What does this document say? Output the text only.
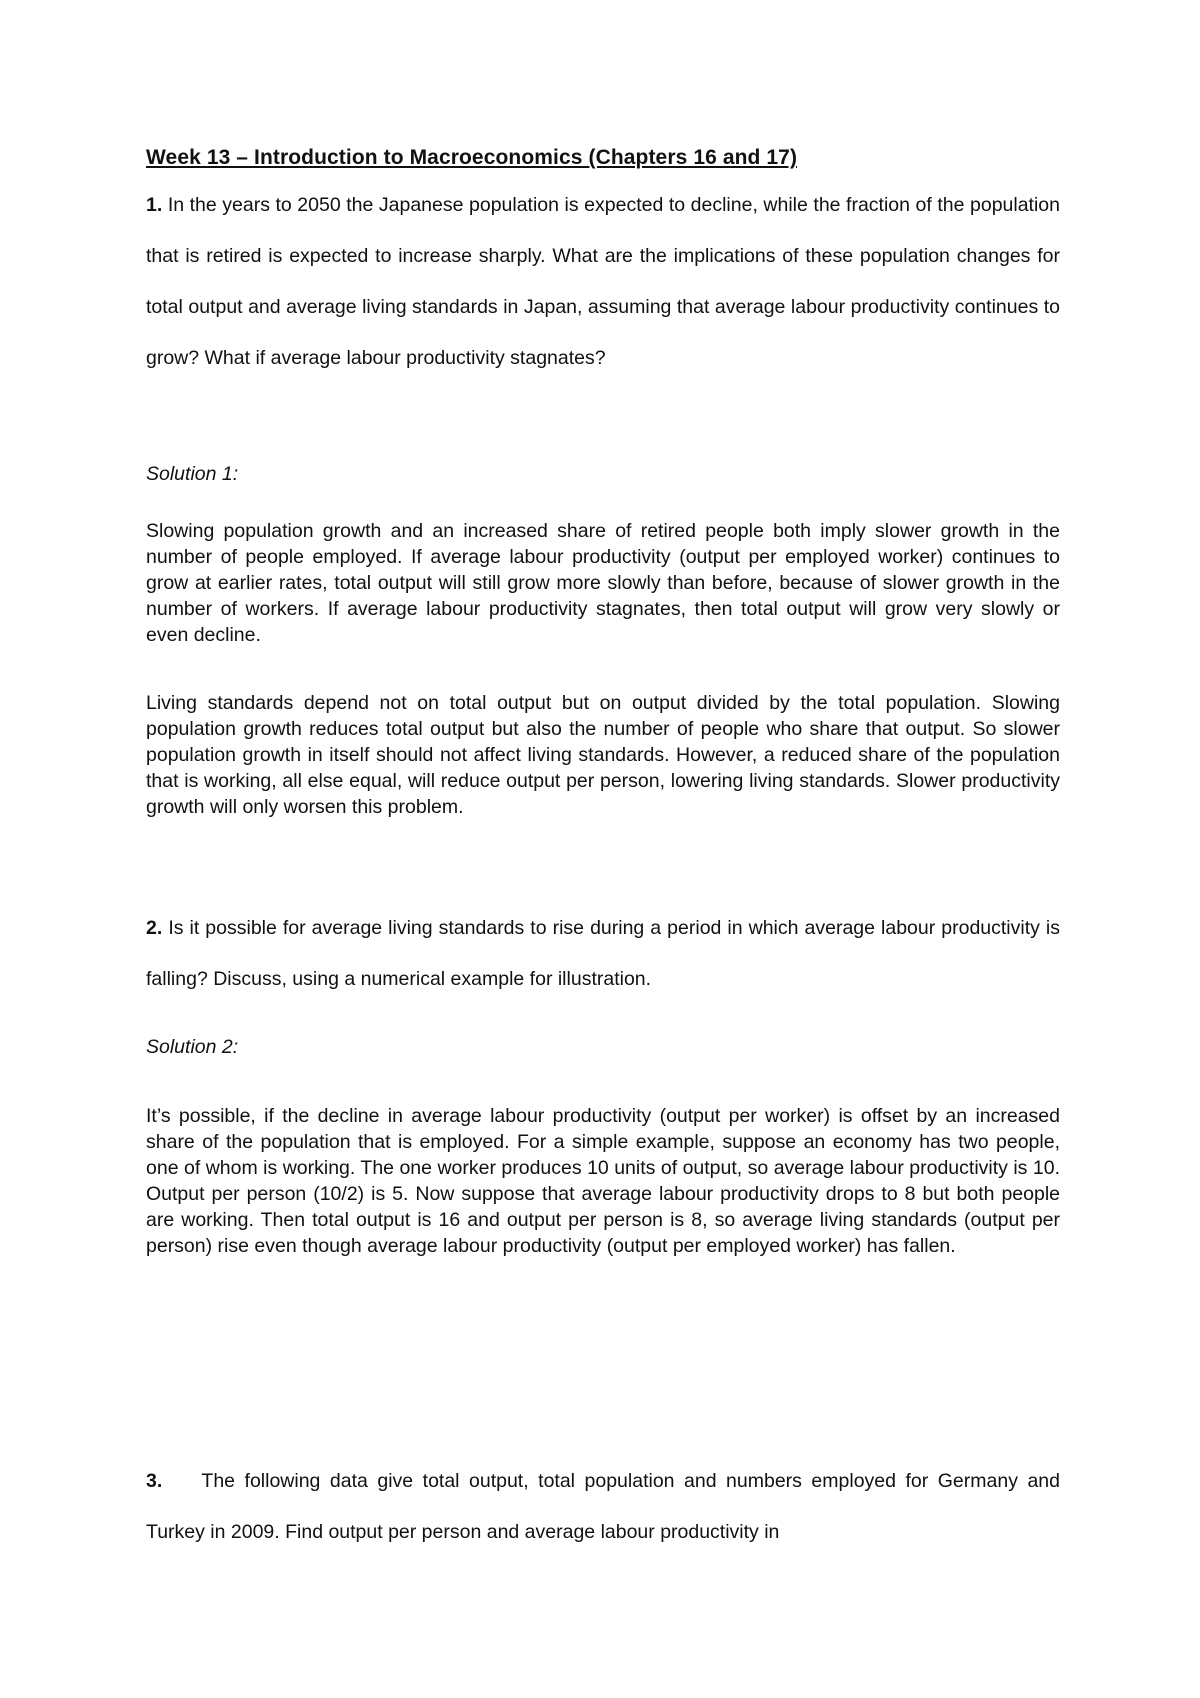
Week 13 – Introduction to Macroeconomics (Chapters 16 and 17)
1. In the years to 2050 the Japanese population is expected to decline, while the fraction of the population that is retired is expected to increase sharply. What are the implications of these population changes for total output and average living standards in Japan, assuming that average labour productivity continues to grow? What if average labour productivity stagnates?
Solution 1:
Slowing population growth and an increased share of retired people both imply slower growth in the number of people employed. If average labour productivity (output per employed worker) continues to grow at earlier rates, total output will still grow more slowly than before, because of slower growth in the number of workers. If average labour productivity stagnates, then total output will grow very slowly or even decline.
Living standards depend not on total output but on output divided by the total population. Slowing population growth reduces total output but also the number of people who share that output. So slower population growth in itself should not affect living standards. However, a reduced share of the population that is working, all else equal, will reduce output per person, lowering living standards. Slower productivity growth will only worsen this problem.
2. Is it possible for average living standards to rise during a period in which average labour productivity is falling? Discuss, using a numerical example for illustration.
Solution 2:
It’s possible, if the decline in average labour productivity (output per worker) is offset by an increased share of the population that is employed. For a simple example, suppose an economy has two people, one of whom is working. The one worker produces 10 units of output, so average labour productivity is 10. Output per person (10/2) is 5. Now suppose that average labour productivity drops to 8 but both people are working. Then total output is 16 and output per person is 8, so average living standards (output per person) rise even though average labour productivity (output per employed worker) has fallen.
3. The following data give total output, total population and numbers employed for Germany and Turkey in 2009. Find output per person and average labour productivity in
